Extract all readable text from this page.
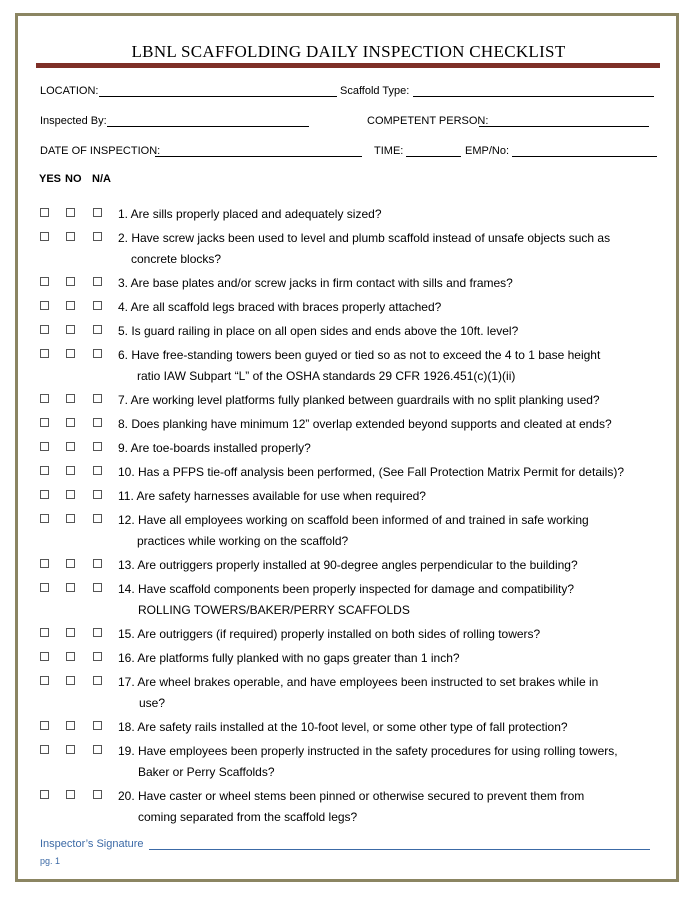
LBNL SCAFFOLDING DAILY INSPECTION CHECKLIST
LOCATION:	Scaffold Type:
Inspected By:	COMPETENT PERSON:
DATE OF INSPECTION:	TIME:	EMP/No:
YES NO N/A
1. Are sills properly placed and adequately sized?
2. Have screw jacks been used to level and plumb scaffold instead of unsafe objects such as
concrete blocks?
3. Are base plates and/or screw jacks in firm contact with sills and frames?
4. Are all scaffold legs braced with braces properly attached?
5. Is guard railing in place on all open sides and ends above the 10ft. level?
6. Have free-standing towers been guyed or tied so as not to exceed the 4 to 1 base height
ratio IAW Subpart “L” of the OSHA standards 29 CFR 1926.451(c)(1)(ii)
7. Are working level platforms fully planked between guardrails with no split planking used?
8. Does planking have minimum 12” overlap extended beyond supports and cleated at ends?
9. Are toe-boards installed properly?
10. Has a PFPS tie-off analysis been performed, (See Fall Protection Matrix Permit for details)?
11. Are safety harnesses available for use when required?
12. Have all employees working on scaffold been informed of and trained in safe working
practices while working on the scaffold?
13. Are outriggers properly installed at 90-degree angles perpendicular to the building?
14. Have scaffold components been properly inspected for damage and compatibility?
ROLLING TOWERS/BAKER/PERRY SCAFFOLDS
15. Are outriggers (if required) properly installed on both sides of rolling towers?
16. Are platforms fully planked with no gaps greater than 1 inch?
17. Are wheel brakes operable, and have employees been instructed to set brakes while in
use?
18. Are safety rails installed at the 10-foot level, or some other type of fall protection?
19. Have employees been properly instructed in the safety procedures for using rolling towers,
Baker or Perry Scaffolds?
20. Have caster or wheel stems been pinned or otherwise secured to prevent them from
coming separated from the scaffold legs?
Inspector’s Signature
pg. 1
